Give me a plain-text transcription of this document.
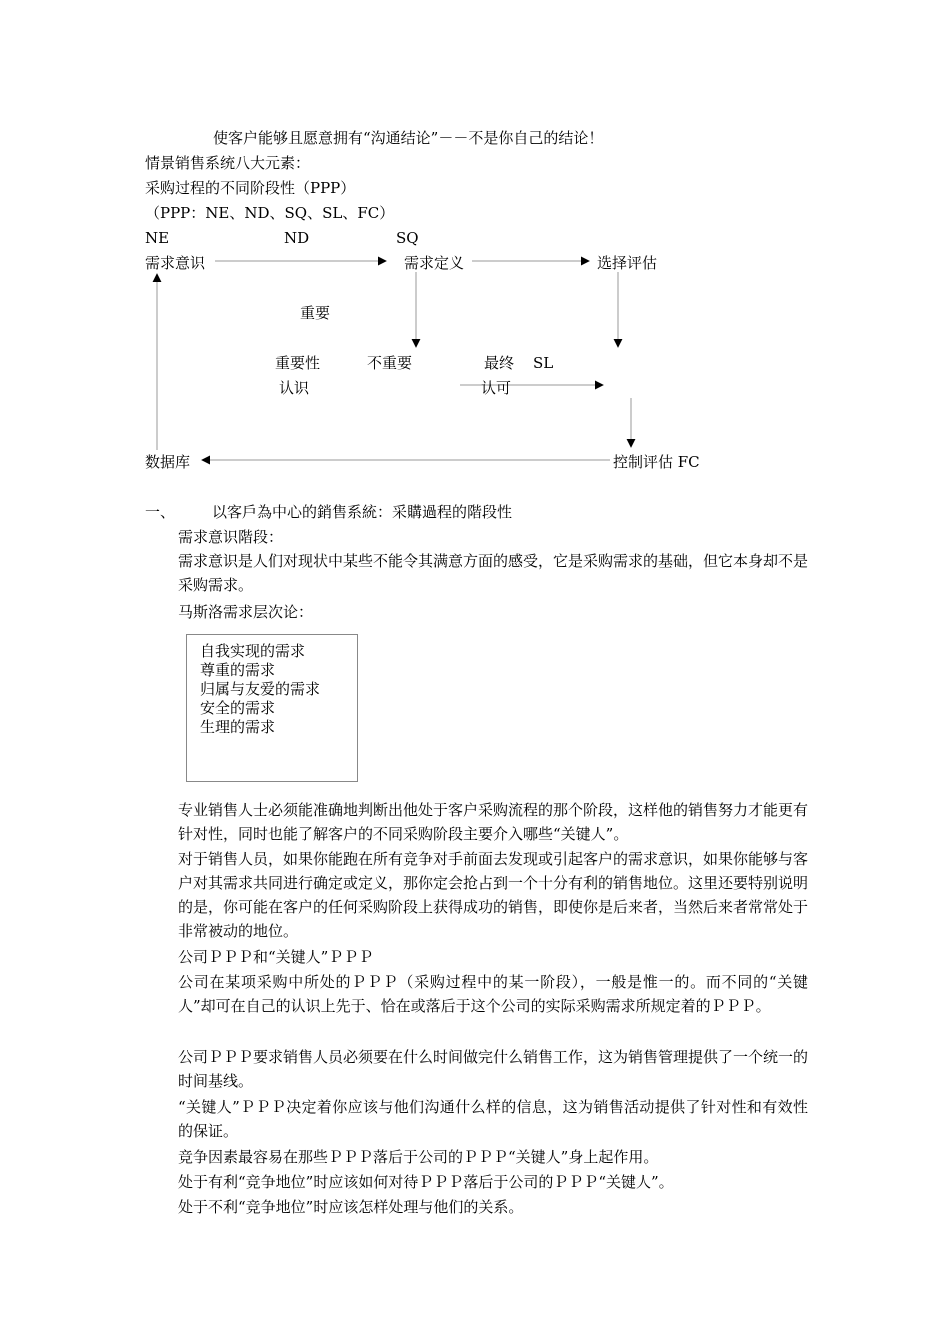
使客户能够且愿意拥有“沟通结论”－－不是你自己的结论！
情景销售系统八大元素：
采购过程的不同阶段性（PPP）
（PPP：NE、ND、SQ、SL、FC）
NE	ND	SQ
需求意识	需求定义	选择评估
重要
重要性	不重要	最终 SL
认识	认可
数据库	控制评估 FC
一、 以客戶為中心的銷售系統：采購過程的階段性
需求意识階段：
需求意识是人们对现状中某些不能令其满意方面的感受，它是采购需求的基础，但它本身却不是采购需求。
马斯洛需求层次论：
自我实现的需求
尊重的需求
归属与友爱的需求
安全的需求
生理的需求
专业销售人士必须能准确地判断出他处于客户采购流程的那个阶段，这样他的销售努力才能更有针对性，同时也能了解客户的不同采购阶段主要介入哪些“关键人”。
对于销售人员，如果你能跑在所有竞争对手前面去发现或引起客户的需求意识，如果你能够与客户对其需求共同进行确定或定义，那你定会抢占到一个十分有利的销售地位。这里还要特别说明的是，你可能在客户的任何采购阶段上获得成功的销售，即使你是后来者，当然后来者常常处于非常被动的地位。
公司ＰＰＰ和“关键人”ＰＰＰ
公司在某项采购中所处的ＰＰＰ（采购过程中的某一阶段），一般是惟一的。而不同的“关键人”却可在自己的认识上先于、恰在或落后于这个公司的实际采购需求所规定着的ＰＰＰ。
公司ＰＰＰ要求销售人员必须要在什么时间做完什么销售工作，这为销售管理提供了一个统一的时间基线。
“关键人”ＰＰＰ决定着你应该与他们沟通什么样的信息，这为销售活动提供了针对性和有效性的保证。
竞争因素最容易在那些ＰＰＰ落后于公司的ＰＰＰ“关键人”身上起作用。
处于有利“竞争地位”时应该如何对待ＰＰＰ落后于公司的ＰＰＰ“关键人”。
处于不利“竞争地位”时应该怎样处理与他们的关系。
